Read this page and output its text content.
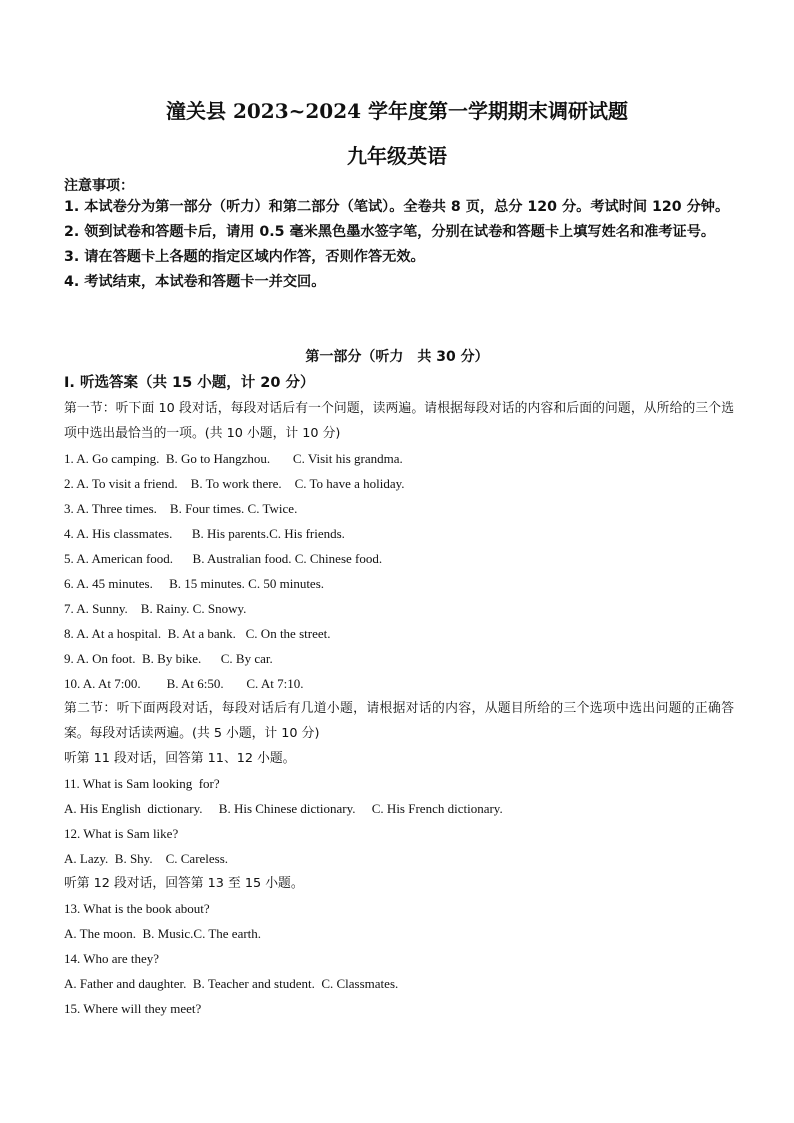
潼关县 2023~2024 学年度第一学期期末调研试题
九年级英语
注意事项：

1. 本试卷分为第一部分（听力）和第二部分（笔试）。全卷共 8 页，总分 120 分。考试时间 120 分钟。

2. 领到试卷和答题卡后，请用 0.5 毫米黑色墨水签字笔，分别在试卷和答题卡上填写姓名和准考证号。

3. 请在答题卡上各题的指定区域内作答，否则作答无效。

4. 考试结束，本试卷和答题卡一并交回。

第一部分（听力　共 30 分）
Ⅰ. 听选答案（共 15 小题，计 20 分）

第一节：听下面 10 段对话，每段对话后有一个问题，读两遍。请根据每段对话的内容和后面的问题，从所给的三个选项中选出最恰当的一项。(共 10 小题，计 10 分)

1. A. Go camping.  B. Go to Hangzhou.       C. Visit his grandma.

2. A. To visit a friend.    B. To work there.    C. To have a holiday.

3. A. Three times.    B. Four times. C. Twice.

4. A. His classmates.      B. His parents.C. His friends.

5. A. American food.      B. Australian food. C. Chinese food.

6. A. 45 minutes.     B. 15 minutes. C. 50 minutes.

7. A. Sunny.    B. Rainy. C. Snowy.

8. A. At a hospital.  B. At a bank.   C. On the street.

9. A. On foot.  B. By bike.      C. By car.

10. A. At 7:00.        B. At 6:50.       C. At 7:10.

第二节：听下面两段对话，每段对话后有几道小题，请根据对话的内容，从题目所给的三个选项中选出问题的正确答案。每段对话读两遍。(共 5 小题，计 10 分)

听第 11 段对话，回答第 11、12 小题。

11. What is Sam looking  for?

A. His English  dictionary.     B. His Chinese dictionary.     C. His French dictionary.

12. What is Sam like?

A. Lazy.  B. Shy.    C. Careless.

听第 12 段对话，回答第 13 至 15 小题。

13. What is the book about?

A. The moon.  B. Music.C. The earth.

14. Who are they?

A. Father and daughter.  B. Teacher and student.  C. Classmates.

15. Where will they meet?
